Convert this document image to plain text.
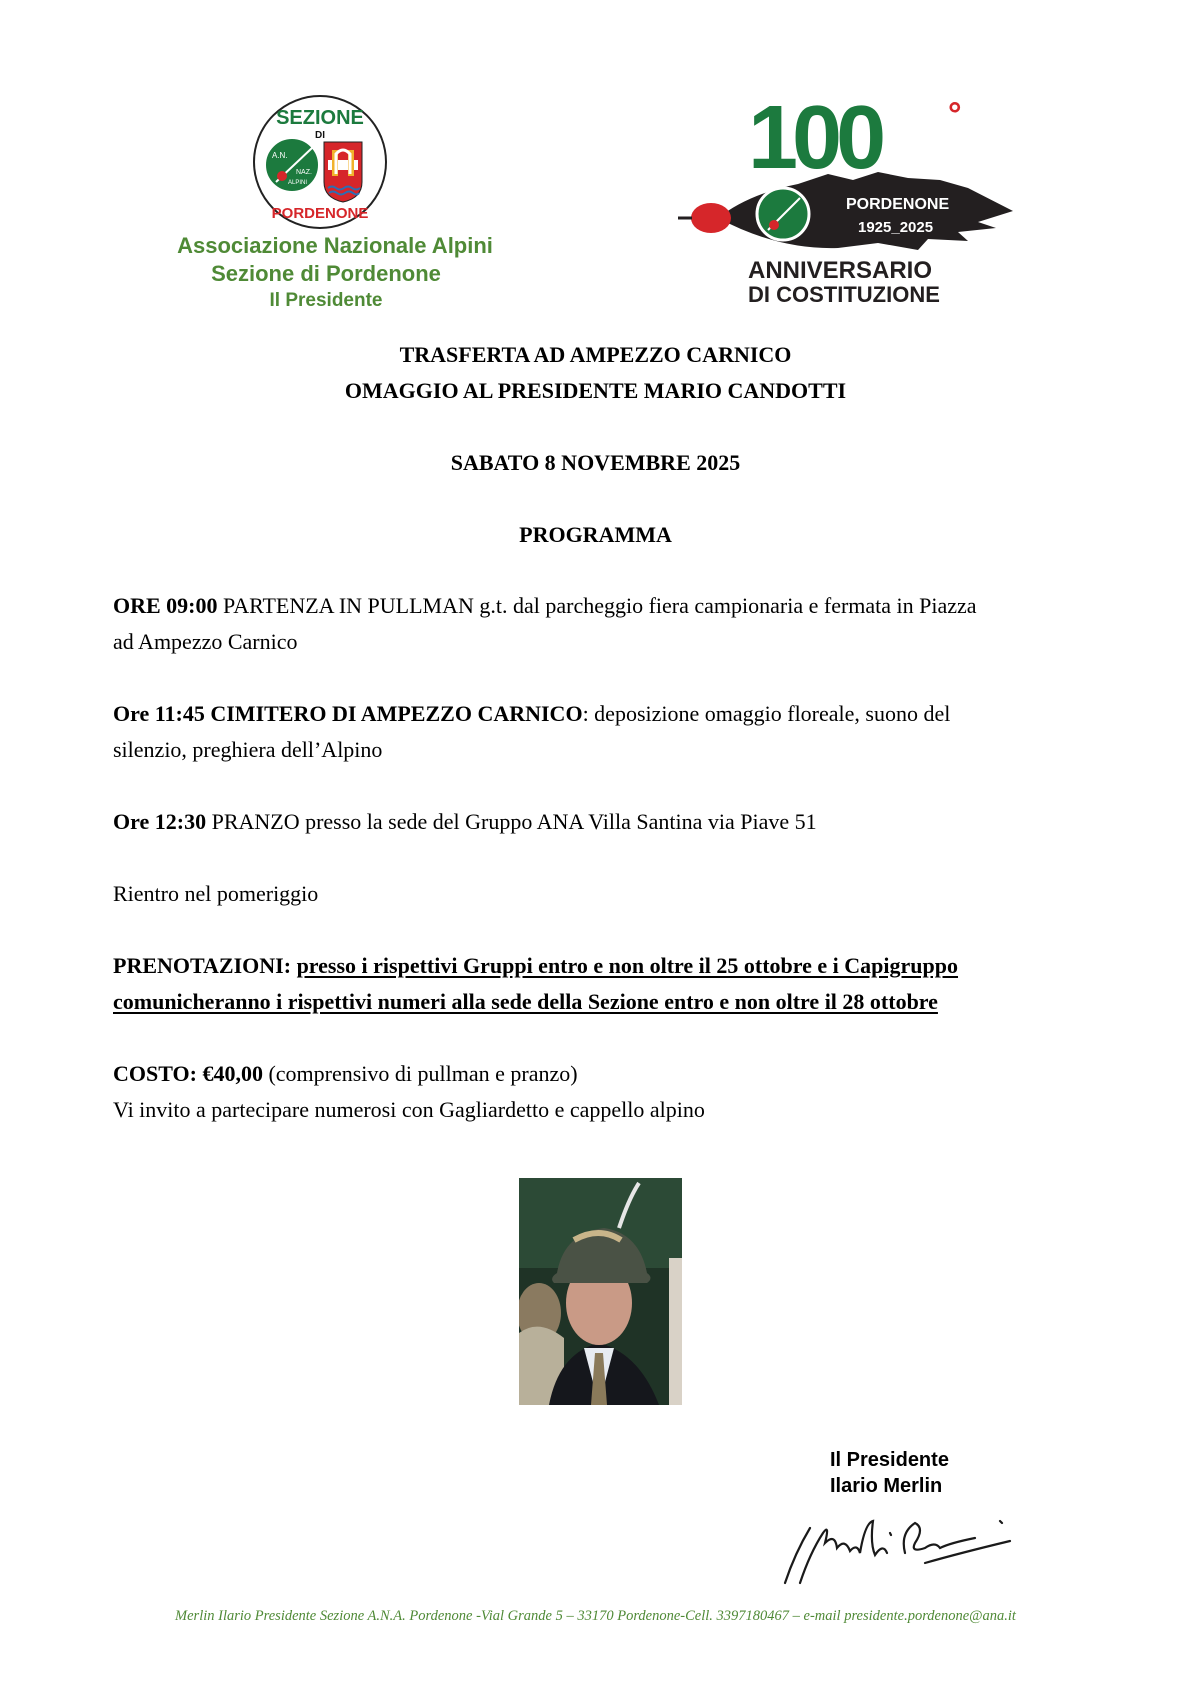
SEZIONE
DI
A.N.
NAZ.
ALPINI
PORDENONE
Associazione Nazionale Alpini
Sezione di Pordenone
Il Presidente
PORDENONE
1925_2025
100 °
ANNIVERSARIO
DI COSTITUZIONE
TRASFERTA AD AMPEZZO CARNICO
OMAGGIO AL PRESIDENTE MARIO CANDOTTI
SABATO 8 NOVEMBRE 2025
PROGRAMMA
ORE 09:00 PARTENZA IN PULLMAN g.t. dal parcheggio fiera campionaria e fermata in Piazza
ad Ampezzo Carnico
Ore 11:45 CIMITERO DI AMPEZZO CARNICO: deposizione omaggio floreale, suono del
silenzio, preghiera dell’Alpino
Ore 12:30 PRANZO presso la sede del Gruppo ANA Villa Santina via Piave 51
Rientro nel pomeriggio
PRENOTAZIONI: presso i rispettivi Gruppi entro e non oltre il 25 ottobre e i Capigruppo
comunicheranno i rispettivi numeri alla sede della Sezione entro e non oltre il 28 ottobre
COSTO: €40,00 (comprensivo di pullman e pranzo)
Vi invito a partecipare numerosi con Gagliardetto e cappello alpino
Il Presidente
Ilario Merlin
Merlin Ilario Presidente Sezione A.N.A. Pordenone -Vial Grande 5 – 33170 Pordenone-Cell. 3397180467 – e-mail presidente.pordenone@ana.it
